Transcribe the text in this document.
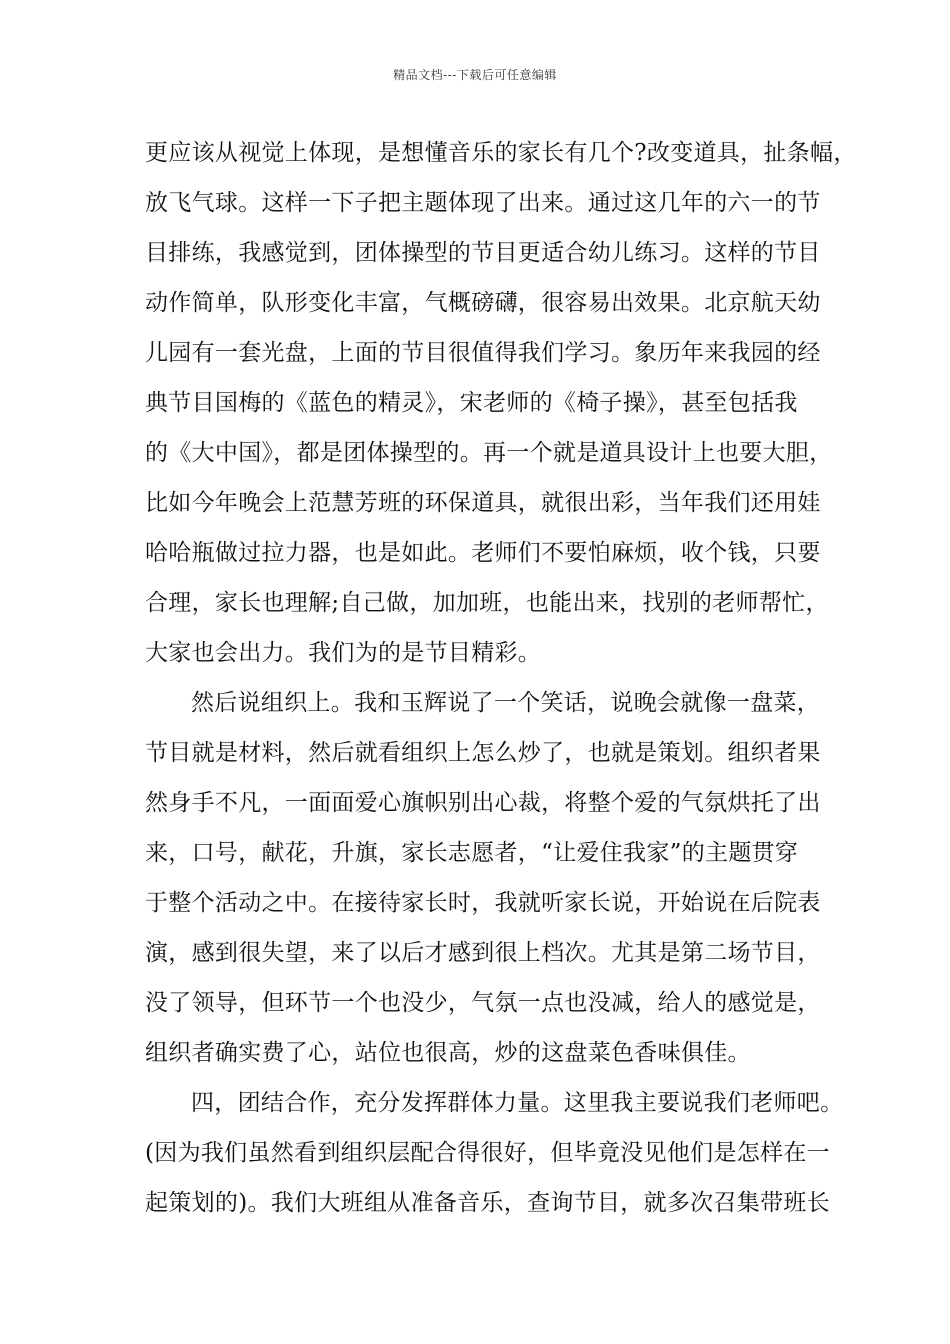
精品文档---下载后可任意编辑
更应该从视觉上体现，是想懂音乐的家长有几个?改变道具，扯条幅，
放飞气球。这样一下子把主题体现了出来。通过这几年的六一的节
目排练，我感觉到，团体操型的节目更适合幼儿练习。这样的节目
动作简单，队形变化丰富，气概磅礴，很容易出效果。北京航天幼
儿园有一套光盘，上面的节目很值得我们学习。象历年来我园的经
典节目国梅的《蓝色的精灵》，宋老师的《椅子操》，甚至包括我
的《大中国》，都是团体操型的。再一个就是道具设计上也要大胆，
比如今年晚会上范慧芳班的环保道具，就很出彩，当年我们还用娃
哈哈瓶做过拉力器，也是如此。老师们不要怕麻烦，收个钱，只要
合理，家长也理解;自己做，加加班，也能出来，找别的老师帮忙，
大家也会出力。我们为的是节目精彩。
然后说组织上。我和玉辉说了一个笑话，说晚会就像一盘菜，
节目就是材料，然后就看组织上怎么炒了，也就是策划。组织者果
然身手不凡，一面面爱心旗帜别出心裁，将整个爱的气氛烘托了出
来，口号，献花，升旗，家长志愿者，“让爱住我家”的主题贯穿
于整个活动之中。在接待家长时，我就听家长说，开始说在后院表
演，感到很失望，来了以后才感到很上档次。尤其是第二场节目，
没了领导，但环节一个也没少，气氛一点也没减，给人的感觉是，
组织者确实费了心，站位也很高，炒的这盘菜色香味俱佳。
四，团结合作，充分发挥群体力量。这里我主要说我们老师吧。
(因为我们虽然看到组织层配合得很好，但毕竟没见他们是怎样在一
起策划的)。我们大班组从准备音乐，查询节目，就多次召集带班长
